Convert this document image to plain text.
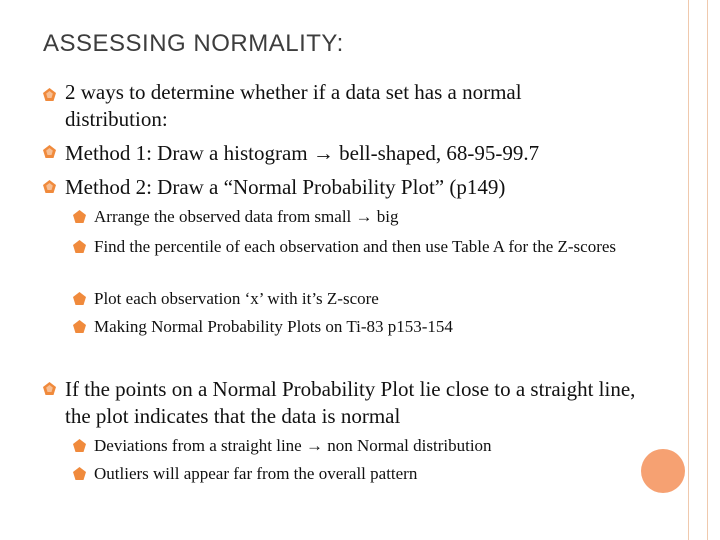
ASSESSING NORMALITY:
2 ways to determine whether if a data set has a normal distribution:
Method 1: Draw a histogram → bell-shaped, 68-95-99.7
Method 2: Draw a “Normal Probability Plot” (p149)
Arrange the observed data from small → big
Find the percentile of each observation and then use Table A for the Z-scores
Plot each observation ‘x’ with it’s Z-score
Making Normal Probability Plots on Ti-83 p153-154
If the points on a Normal Probability Plot lie close to a straight line, the plot indicates that the data is normal
Deviations from a straight line → non Normal distribution
Outliers will appear far from the overall pattern
